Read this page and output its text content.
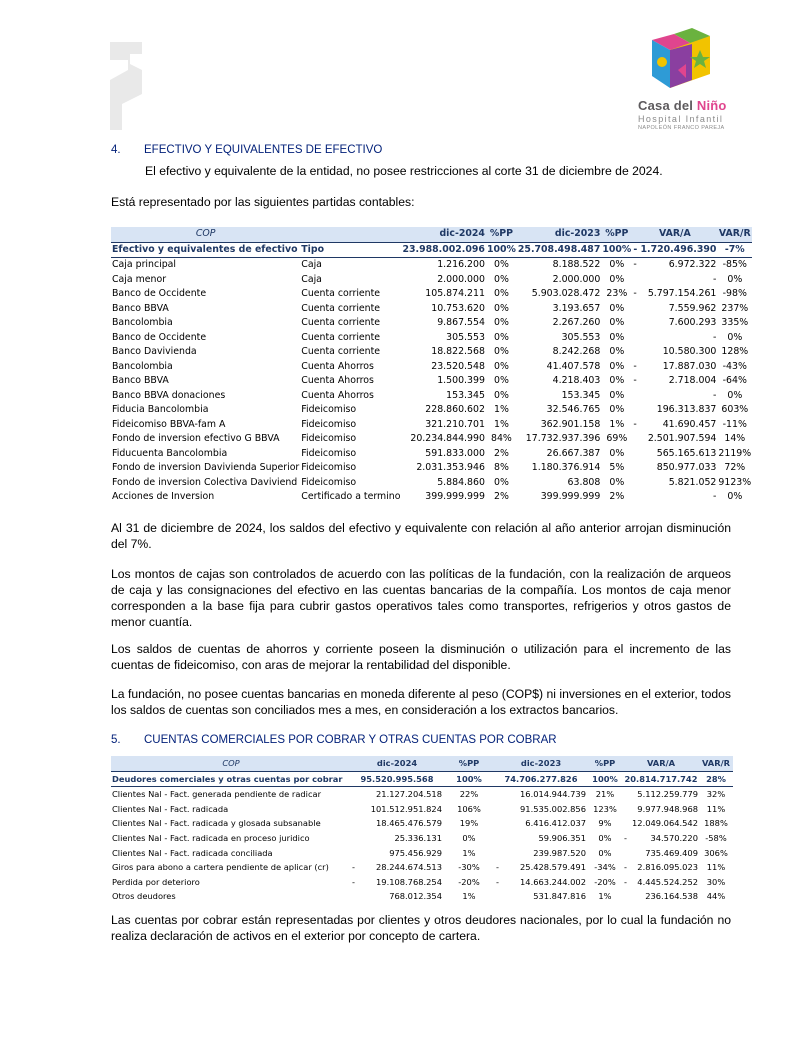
Casa del Niño
Hospital Infantil
NAPOLEÓN FRANCO PAREJA
4. EFECTIVO Y EQUIVALENTES DE EFECTIVO
El efectivo y equivalente de la entidad, no posee restricciones al corte 31 de diciembre de 2024.
Está representado por las siguientes partidas contables:
COP		dic-2024	%PP	dic-2023	%PP	VAR/A	VAR/R
Efectivo y equivalentes de efectivo	Tipo	23.988.002.096	100%	25.708.498.487	100%	- 1.720.496.390	-7%
Caja principal	Caja	1.216.200	0%	8.188.522	0%	- 6.972.322	-85%
Caja menor	Caja	2.000.000	0%	2.000.000	0%	-	0%
Banco de Occidente	Cuenta corriente	105.874.211	0%	5.903.028.472	23%	- 5.797.154.261	-98%
Banco BBVA	Cuenta corriente	10.753.620	0%	3.193.657	0%	7.559.962	237%
Bancolombia	Cuenta corriente	9.867.554	0%	2.267.260	0%	7.600.293	335%
Banco de Occidente	Cuenta corriente	305.553	0%	305.553	0%	-	0%
Banco Davivienda	Cuenta corriente	18.822.568	0%	8.242.268	0%	10.580.300	128%
Bancolombia	Cuenta Ahorros	23.520.548	0%	41.407.578	0%	- 17.887.030	-43%
Banco BBVA	Cuenta Ahorros	1.500.399	0%	4.218.403	0%	- 2.718.004	-64%
Banco BBVA donaciones	Cuenta Ahorros	153.345	0%	153.345	0%	-	0%
Fiducia Bancolombia	Fideicomiso	228.860.602	1%	32.546.765	0%	196.313.837	603%
Fideicomiso BBVA-fam A	Fideicomiso	321.210.701	1%	362.901.158	1%	- 41.690.457	-11%
Fondo de inversion efectivo G BBVA	Fideicomiso	20.234.844.990	84%	17.732.937.396	69%	2.501.907.594	14%
Fiducuenta Bancolombia	Fideicomiso	591.833.000	2%	26.667.387	0%	565.165.613	2119%
Fondo de inversion Davivienda Superior	Fideicomiso	2.031.353.946	8%	1.180.376.914	5%	850.977.033	72%
Fondo de inversion Colectiva Daviviend	Fideicomiso	5.884.860	0%	63.808	0%	5.821.052	9123%
Acciones de Inversion	Certificado a termino	399.999.999	2%	399.999.999	2%	-	0%
Al 31 de diciembre de 2024, los saldos del efectivo y equivalente con relación al año anterior arrojan disminución del 7%.
Los montos de cajas son controlados de acuerdo con las políticas de la fundación, con la realización de arqueos de caja y las consignaciones del efectivo en las cuentas bancarias de la compañía. Los montos de caja menor corresponden a la base fija para cubrir gastos operativos tales como transportes, refrigerios y otros gastos de menor cuantía.
Los saldos de cuentas de ahorros y corriente poseen la disminución o utilización para el incremento de las cuentas de fideicomiso, con aras de mejorar la rentabilidad del disponible.
La fundación, no posee cuentas bancarias en moneda diferente al peso (COP$) ni inversiones en el exterior, todos los saldos de cuentas son conciliados mes a mes, en consideración a los extractos bancarios.
5. CUENTAS COMERCIALES POR COBRAR Y OTRAS CUENTAS POR COBRAR
COP	dic-2024	%PP	dic-2023	%PP	VAR/A	VAR/R
Deudores comerciales y otras cuentas por cobrar	95.520.995.568	100%	74.706.277.826	100%	20.814.717.742	28%
Clientes Nal - Fact. generada pendiente de radicar	21.127.204.518	22%	16.014.944.739	21%	5.112.259.779	32%
Clientes Nal - Fact. radicada	101.512.951.824	106%	91.535.002.856	123%	9.977.948.968	11%
Clientes Nal - Fact. radicada y glosada subsanable	18.465.476.579	19%	6.416.412.037	9%	12.049.064.542	188%
Clientes Nal - Fact. radicada en proceso juridico	25.336.131	0%	59.906.351	0%	- 34.570.220	-58%
Clientes Nal - Fact. radicada conciliada	975.456.929	1%	239.987.520	0%	735.469.409	306%
Giros para abono a cartera pendiente de aplicar (cr)	- 28.244.674.513	-30%	- 25.428.579.491	-34%	- 2.816.095.023	11%
Perdida por deterioro	- 19.108.768.254	-20%	- 14.663.244.002	-20%	- 4.445.524.252	30%
Otros deudores	768.012.354	1%	531.847.816	1%	236.164.538	44%
Las cuentas por cobrar están representadas por clientes y otros deudores nacionales, por lo cual la fundación no realiza declaración de activos en el exterior por concepto de cartera.
